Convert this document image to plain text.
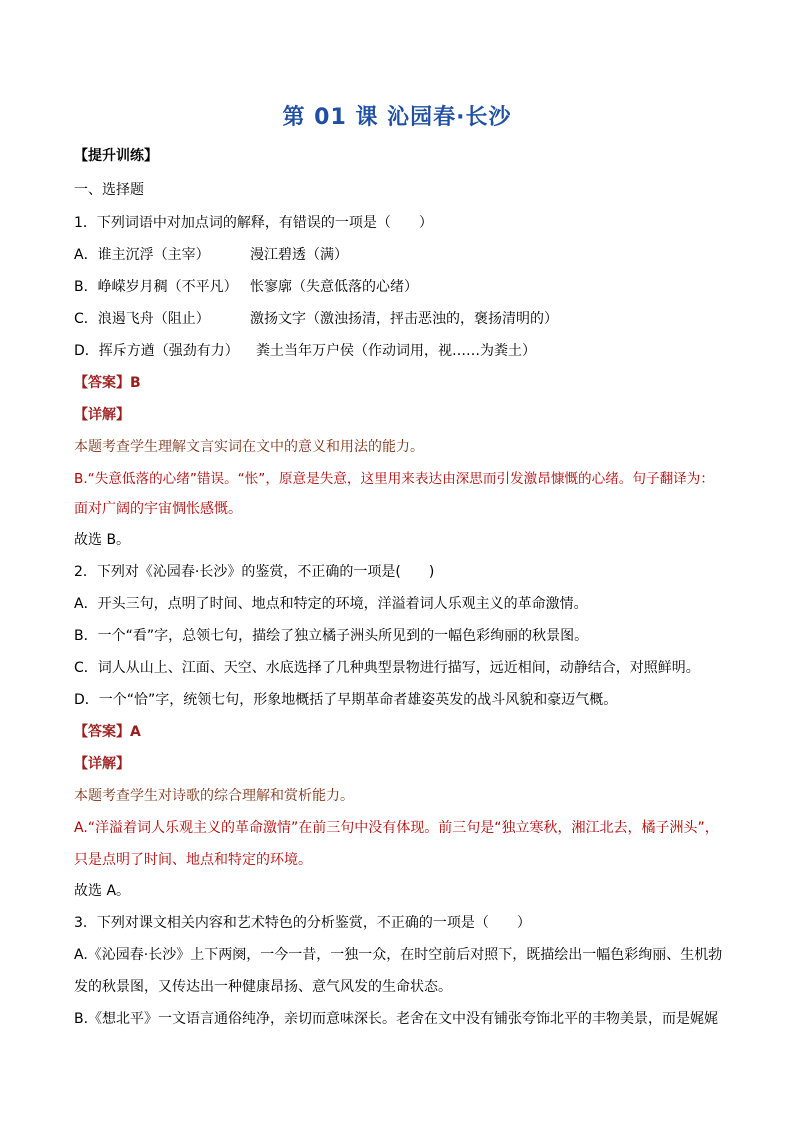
第 01 课 沁园春·长沙
【提升训练】
一、选择题
1．下列词语中对加点词的解释，有错误的一项是（　　）
A．谁主沉浮（主宰）	漫江碧透（满）
B．峥嵘岁月稠（不平凡） 怅寥廓（失意低落的心绪）
C．浪遏飞舟（阻止）	激扬文字（激浊扬清，抨击恶浊的，褒扬清明的）
D．挥斥方遒（强劲有力） 粪土当年万户侯（作动词用，视……为粪土）
【答案】B
【详解】
本题考查学生理解文言实词在文中的意义和用法的能力。
B.“失意低落的心绪”错误。“怅”，原意是失意，这里用来表达由深思而引发激昂慷慨的心绪。句子翻译为：
面对广阔的宇宙惆怅感慨。
故选 B。
2．下列对《沁园春·长沙》的鉴赏，不正确的一项是(　　)
A．开头三句，点明了时间、地点和特定的环境，洋溢着词人乐观主义的革命激情。
B．一个“看”字，总领七句，描绘了独立橘子洲头所见到的一幅色彩绚丽的秋景图。
C．词人从山上、江面、天空、水底选择了几种典型景物进行描写，远近相间，动静结合，对照鲜明。
D．一个“恰”字，统领七句，形象地概括了早期革命者雄姿英发的战斗风貌和豪迈气概。
【答案】A
【详解】
本题考查学生对诗歌的综合理解和赏析能力。
A.“洋溢着词人乐观主义的革命激情”在前三句中没有体现。前三句是“独立寒秋，湘江北去，橘子洲头”，
只是点明了时间、地点和特定的环境。
故选 A。
3．下列对课文相关内容和艺术特色的分析鉴赏，不正确的一项是（　　）
A.《沁园春·长沙》上下两阕，一今一昔，一独一众，在时空前后对照下，既描绘出一幅色彩绚丽、生机勃
发的秋景图，又传达出一种健康昂扬、意气风发的生命状态。
B.《想北平》一文语言通俗纯净，亲切而意味深长。老舍在文中没有铺张夸饰北平的丰物美景，而是娓娓
